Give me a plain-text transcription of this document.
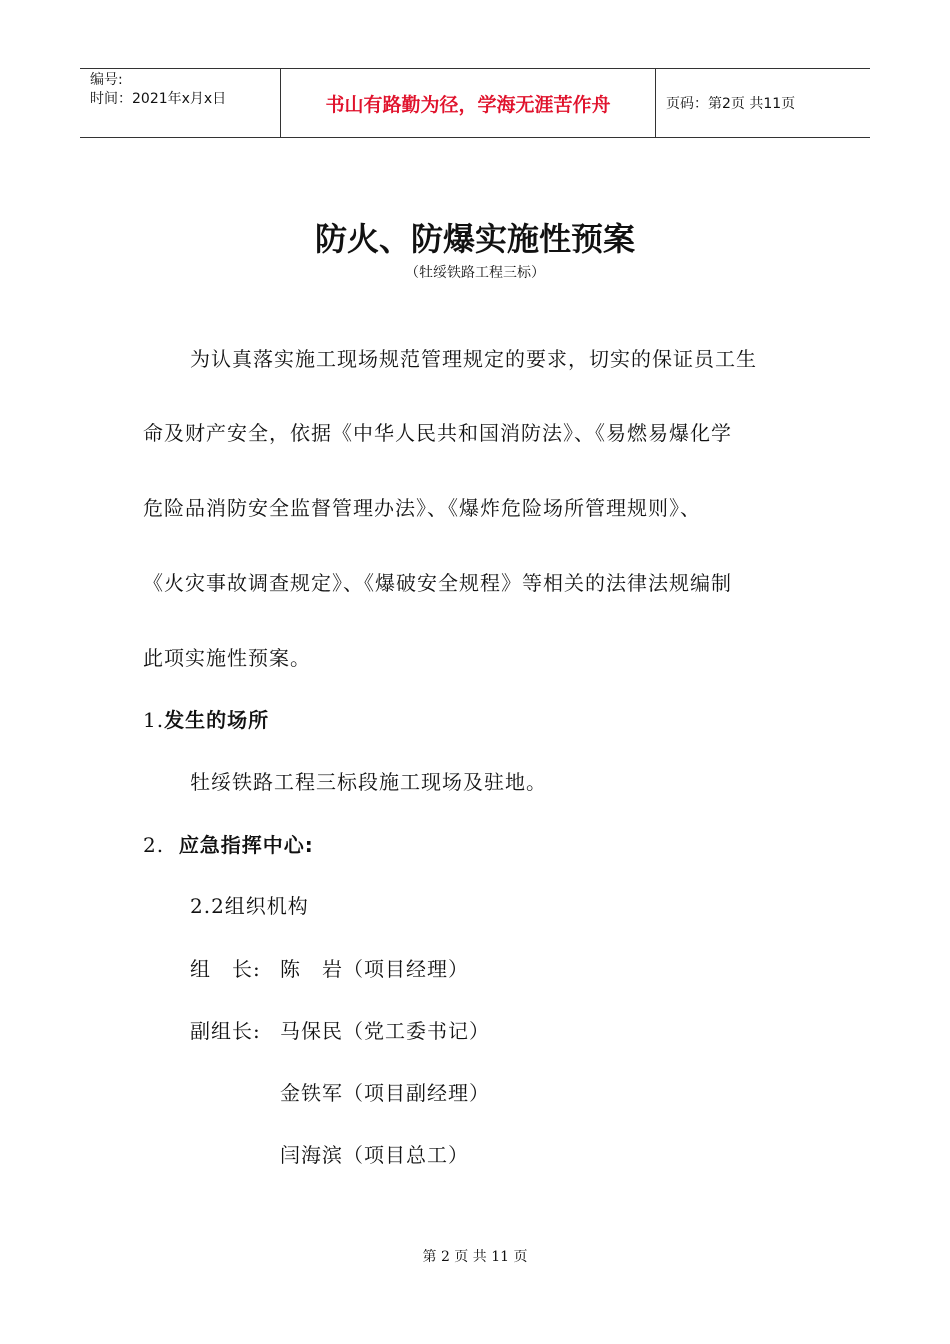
编号:
时间：2021年x月x日	书山有路勤为径，学海无涯苦作舟	页码：第2页 共11页
防火、防爆实施性预案
（牡绥铁路工程三标）
为认真落实施工现场规范管理规定的要求，切实的保证员工生
命及财产安全，依据《中华人民共和国消防法》、《易燃易爆化学
危险品消防安全监督管理办法》、《爆炸危险场所管理规则》、
《火灾事故调查规定》、《爆破安全规程》等相关的法律法规编制
此项实施性预案。
1.发生的场所
牡绥铁路工程三标段施工现场及驻地。
2. 应急指挥中心:
2.2组织机构
组　长: 陈　岩（项目经理）
副组长: 马保民（党工委书记）
金铁军（项目副经理）
闫海滨（项目总工）
第 2 页 共 11 页
